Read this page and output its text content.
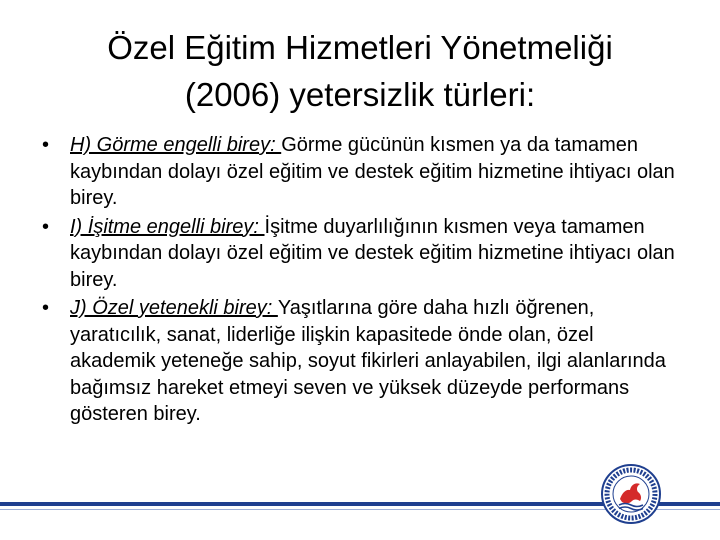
Özel Eğitim Hizmetleri Yönetmeliği
(2006) yetersizlik türleri:
• H) Görme engelli birey: Görme gücünün kısmen ya da tamamen kaybından dolayı özel eğitim ve destek eğitim hizmetine ihtiyacı olan birey.
• I) İşitme engelli birey: İşitme duyarlılığının kısmen veya tamamen kaybından dolayı özel eğitim ve destek eğitim hizmetine ihtiyacı olan birey.
• J) Özel yetenekli birey: Yaşıtlarına göre daha hızlı öğrenen, yaratıcılık, sanat, liderliğe ilişkin kapasitede önde olan, özel akademik yeteneğe sahip, soyut fikirleri anlayabilen, ilgi alanlarında bağımsız hareket etmeyi seven ve yüksek düzeyde performans gösteren birey.
